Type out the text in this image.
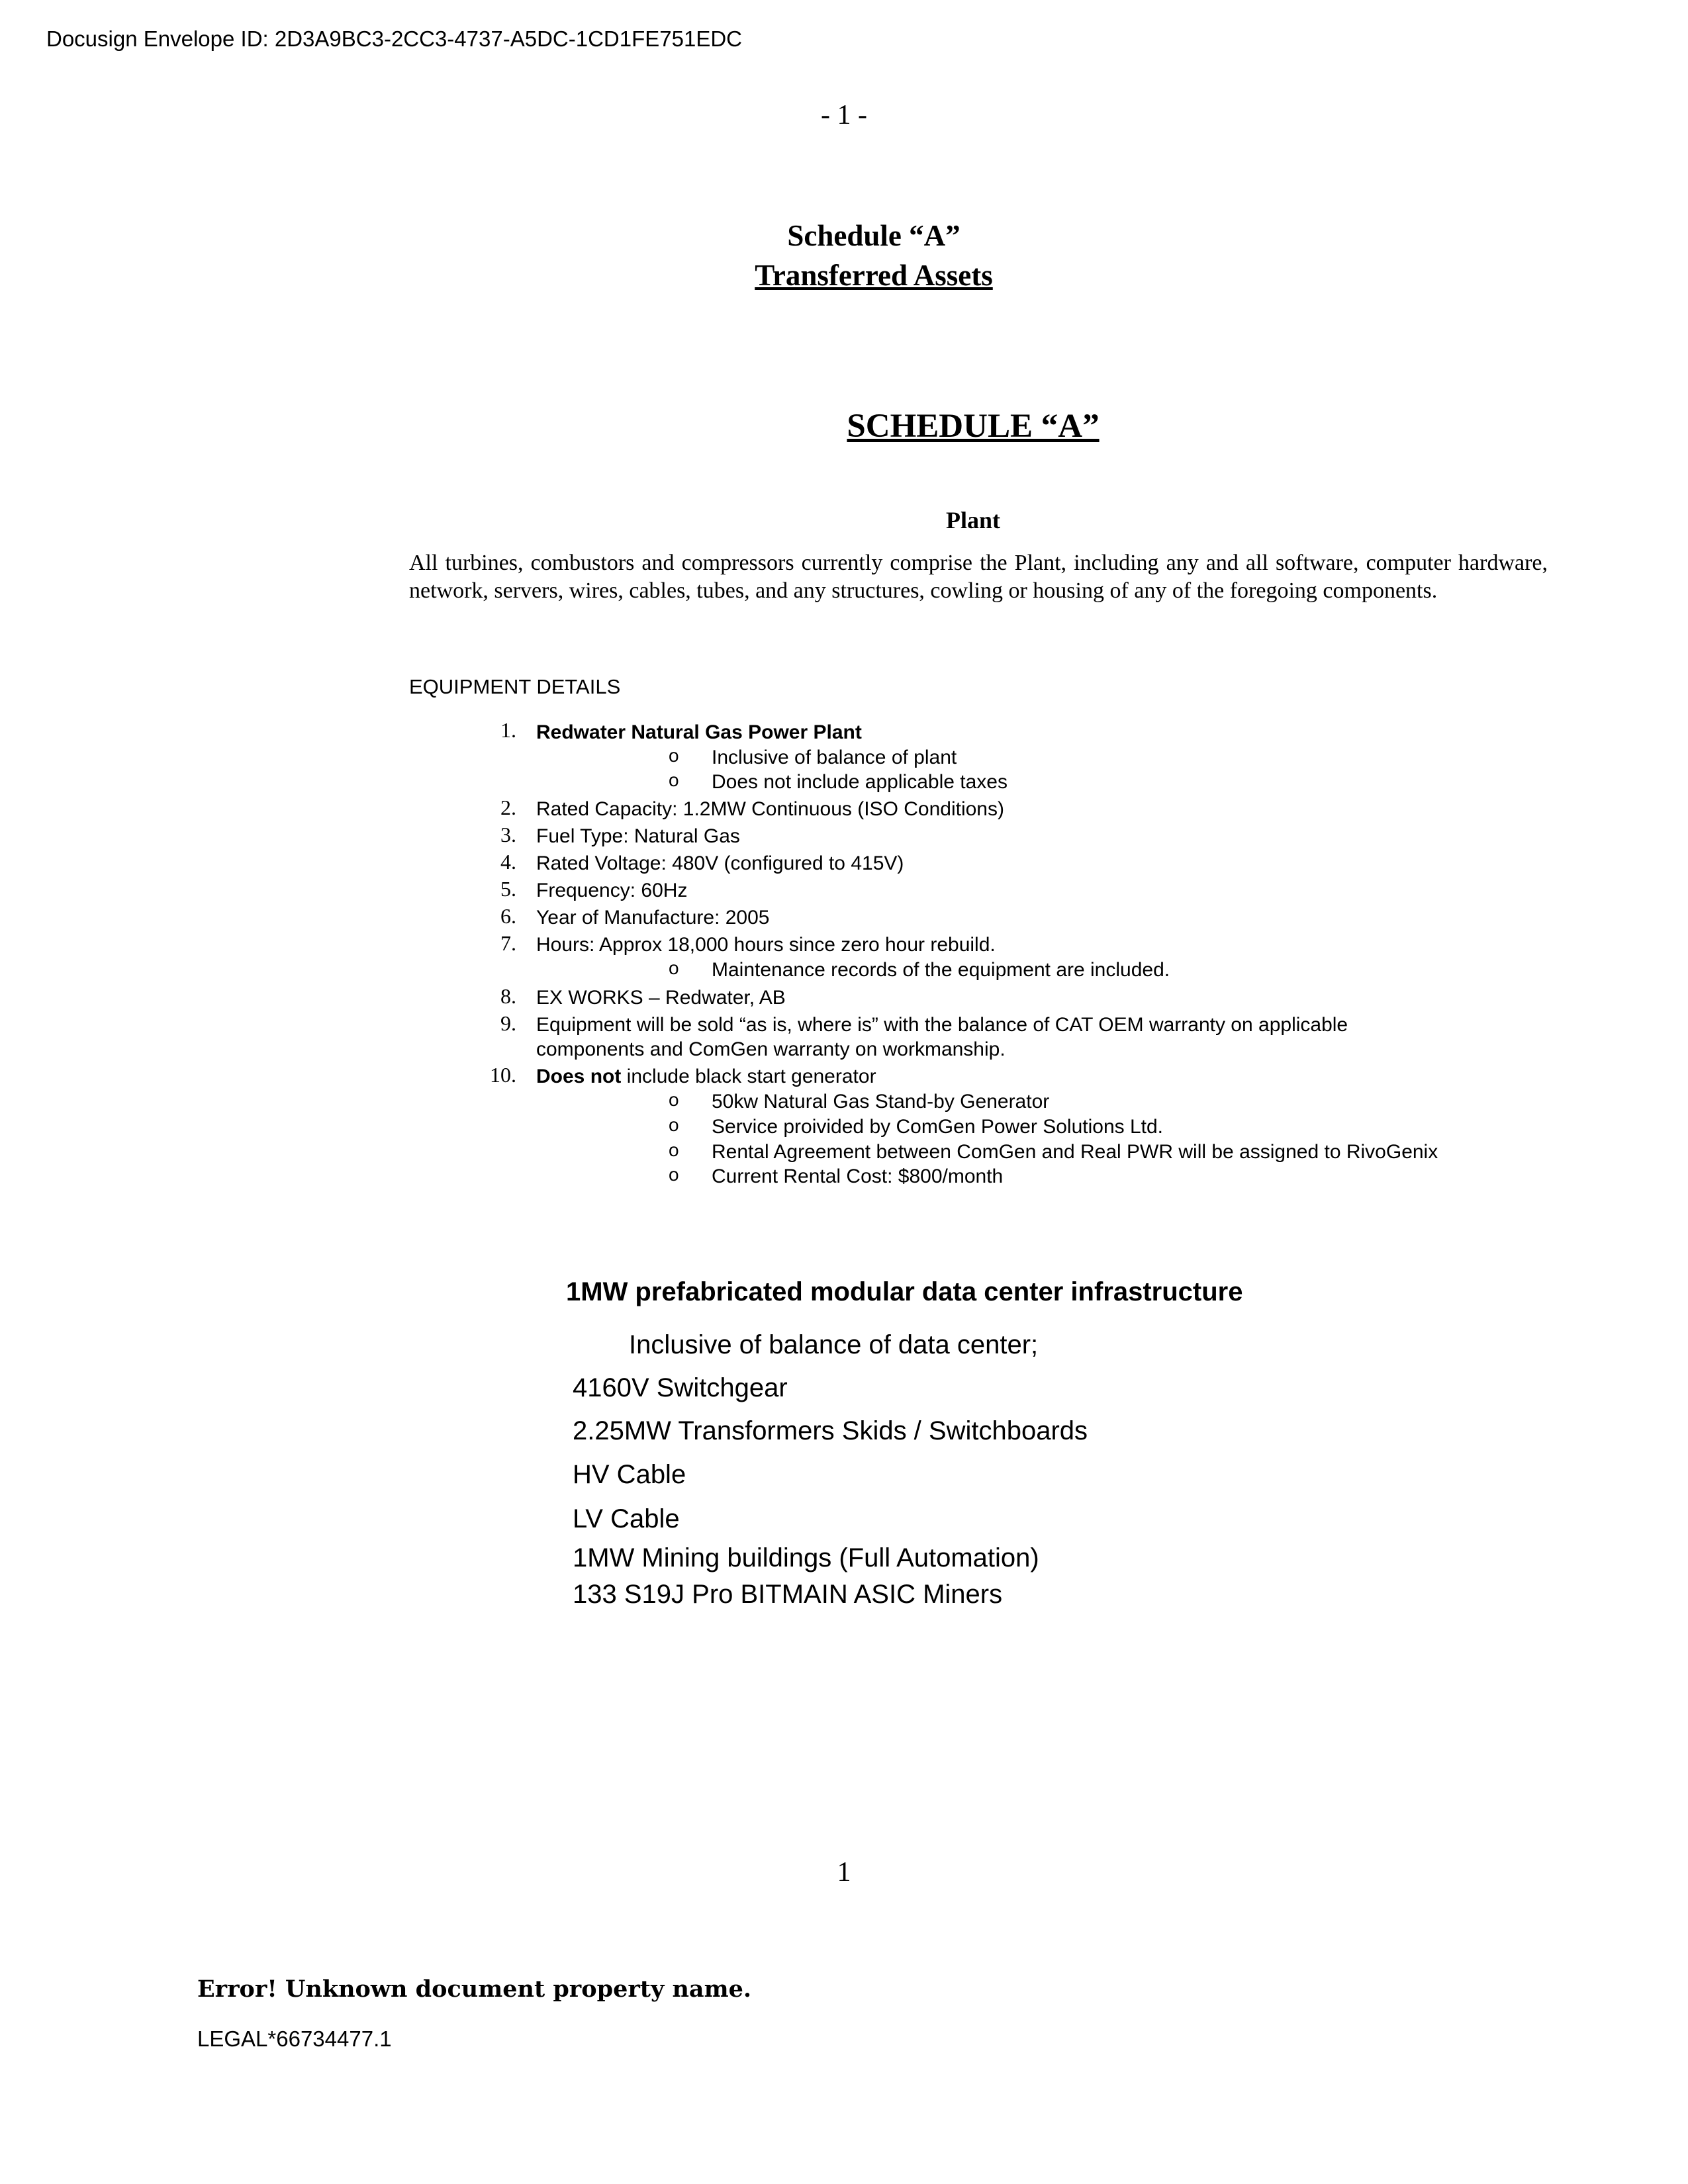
Docusign Envelope ID: 2D3A9BC3-2CC3-4737-A5DC-1CD1FE751EDC
- 1 -
Schedule “A”
Transferred Assets
SCHEDULE “A”
Plant
All turbines, combustors and compressors currently comprise the Plant, including any and all software, computer hardware, network, servers, wires, cables, tubes, and any structures, cowling or housing of any of the foregoing components.
EQUIPMENT DETAILS
1. Redwater Natural Gas Power Plant
o Inclusive of balance of plant
o Does not include applicable taxes
2. Rated Capacity: 1.2MW Continuous (ISO Conditions)
3. Fuel Type: Natural Gas
4. Rated Voltage: 480V (configured to 415V)
5. Frequency: 60Hz
6. Year of Manufacture: 2005
7. Hours: Approx 18,000 hours since zero hour rebuild.
o Maintenance records of the equipment are included.
8. EX WORKS – Redwater, AB
9. Equipment will be sold “as is, where is” with the balance of CAT OEM warranty on applicable
components and ComGen warranty on workmanship.
10. Does not include black start generator
o 50kw Natural Gas Stand-by Generator
o Service proivided by ComGen Power Solutions Ltd.
o Rental Agreement between ComGen and Real PWR will be assigned to RivoGenix
o Current Rental Cost: $800/month
1MW prefabricated modular data center infrastructure
Inclusive of balance of data center;
4160V Switchgear
2.25MW Transformers Skids / Switchboards
HV Cable
LV Cable
1MW Mining buildings (Full Automation)
133 S19J Pro BITMAIN ASIC Miners
1
Error! Unknown document property name.
LEGAL*66734477.1
